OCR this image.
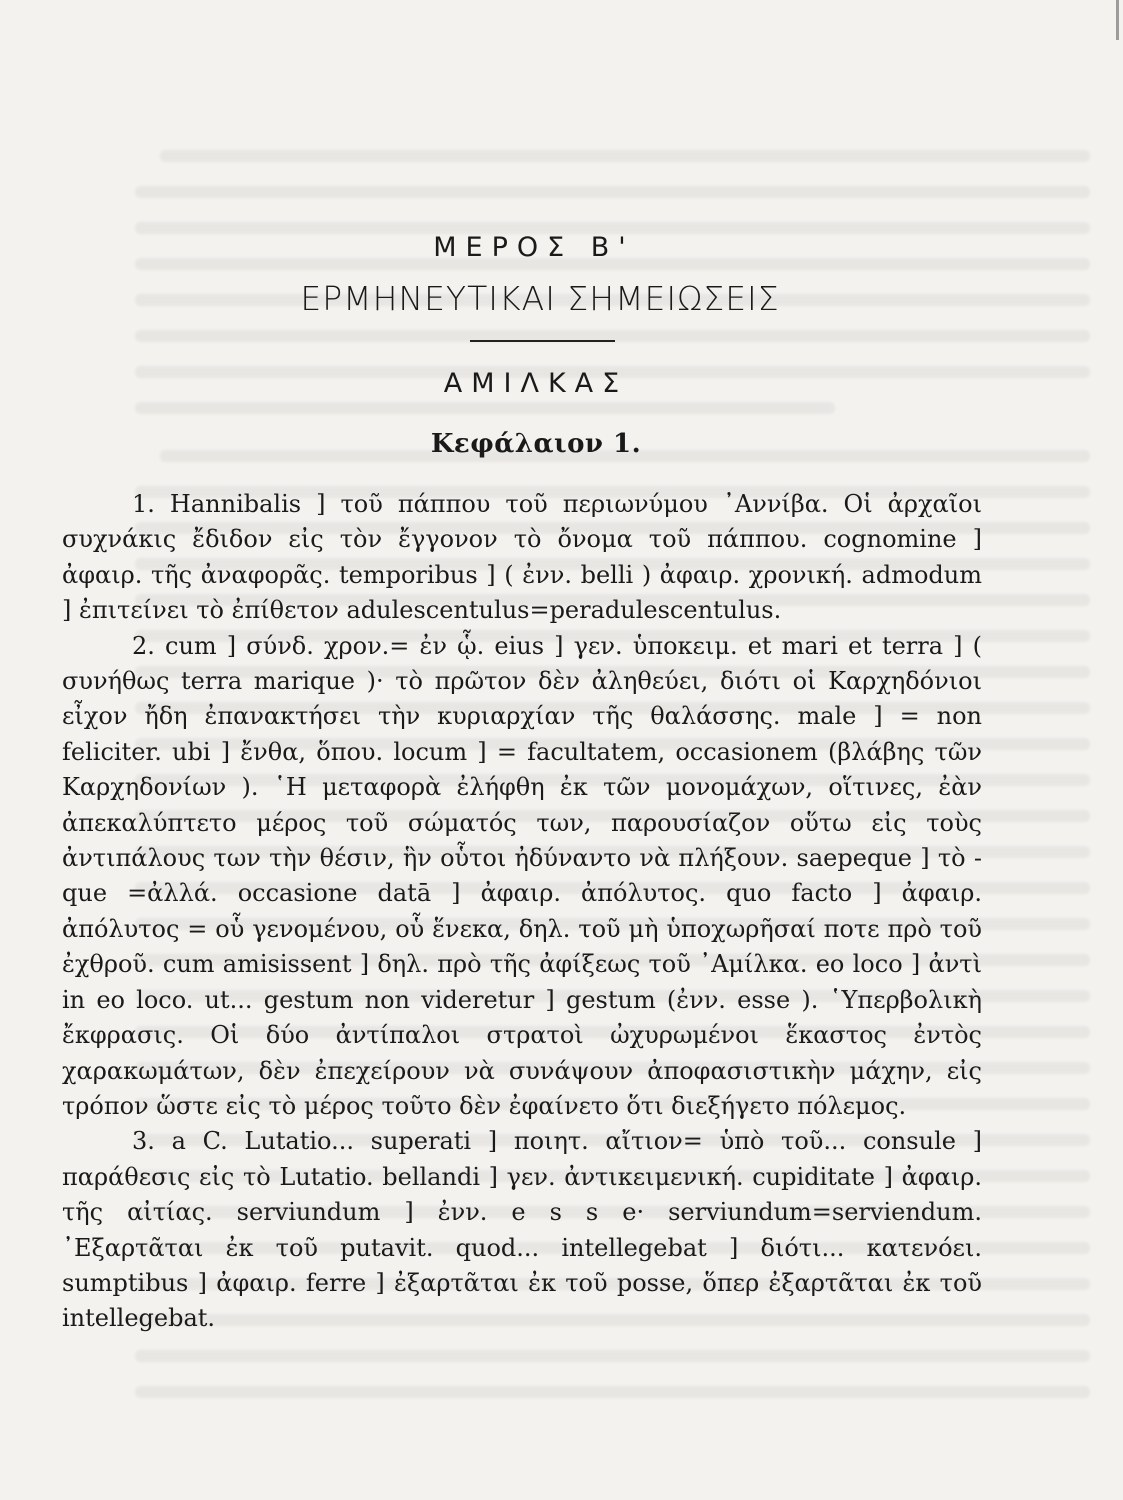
ΜΕΡΟΣ Β'
ΕΡΜΗΝΕΥΤΙΚΑΙ ΣΗΜΕΙΩΣΕΙΣ
ΑΜΙΛΚΑΣ
Κεφάλαιον 1.

1. Hannibalis ] τοῦ πάππου τοῦ περιωνύμου ᾿Αννίβα. Οἱ ἀρχαῖοι συχνάκις ἔδιδον εἰς τὸν ἔγγονον τὸ ὄνομα τοῦ πάππου. cognomine ] ἀφαιρ. τῆς ἀναφορᾶς. temporibus ] ( ἐνν. belli ) ἀφαιρ. χρονική. admodum ] ἐπιτείνει τὸ ἐπίθετον adulescentulus=peradulescentulus.

2. cum ] σύνδ. χρον.= ἐν ᾧ. eius ] γεν. ὑποκειμ. et mari et terra ] ( συνήθως terra marique )· τὸ πρῶτον δὲν ἀληθεύει, διότι οἱ Καρχηδόνιοι εἶχον ἤδη ἐπανακτήσει τὴν κυριαρχίαν τῆς θαλάσσης. male ] = non feliciter. ubi ] ἔνθα, ὅπου. locum ] = facultatem, occasionem (βλάβης τῶν Καρχηδονίων ). ῾Η μεταφορὰ ἐλήφθη ἐκ τῶν μονομάχων, οἵτινες, ἐὰν ἀπεκαλύπτετο μέρος τοῦ σώματός των, παρουσίαζον οὕτω εἰς τοὺς ἀντιπάλους των τὴν θέσιν, ἣν οὗτοι ἠδύναντο νὰ πλήξουν. saepeque ] τὸ -que =ἀλλά. occasione datā ] ἀφαιρ. ἀπόλυτος. quo facto ] ἀφαιρ. ἀπόλυτος = οὗ γενομένου, οὗ ἕνεκα, δηλ. τοῦ μὴ ὑποχωρῆσαί ποτε πρὸ τοῦ ἐχθροῦ. cum amisissent ] δηλ. πρὸ τῆς ἀφίξεως τοῦ ᾿Αμίλκα. eo loco ] ἀντὶ in eo loco. ut... gestum non videretur ] gestum (ἐνν. esse ). ῾Υπερβολικὴ ἔκφρασις. Οἱ δύο ἀντίπαλοι στρατοὶ ὠχυρωμένοι ἕκαστος ἐντὸς χαρακωμάτων, δὲν ἐπεχείρουν νὰ συνάψουν ἀποφασιστικὴν μάχην, εἰς τρόπον ὥστε εἰς τὸ μέρος τοῦτο δὲν ἐφαίνετο ὅτι διεξήγετο πόλεμος.

3. a C. Lutatio... superati ] ποιητ. αἴτιον= ὑπὸ τοῦ... consule ] παράθεσις εἰς τὸ Lutatio. bellandi ] γεν. ἀντικειμενική. cupiditate ] ἀφαιρ. τῆς αἰτίας. serviundum ] ἐνν. e s s e· serviundum=serviendum. ᾿Εξαρτᾶται ἐκ τοῦ putavit. quod... intellegebat ] διότι... κατενόει. sumptibus ] ἀφαιρ. ferre ] ἐξαρτᾶται ἐκ τοῦ posse, ὅπερ ἐξαρτᾶται ἐκ τοῦ intellegebat.
